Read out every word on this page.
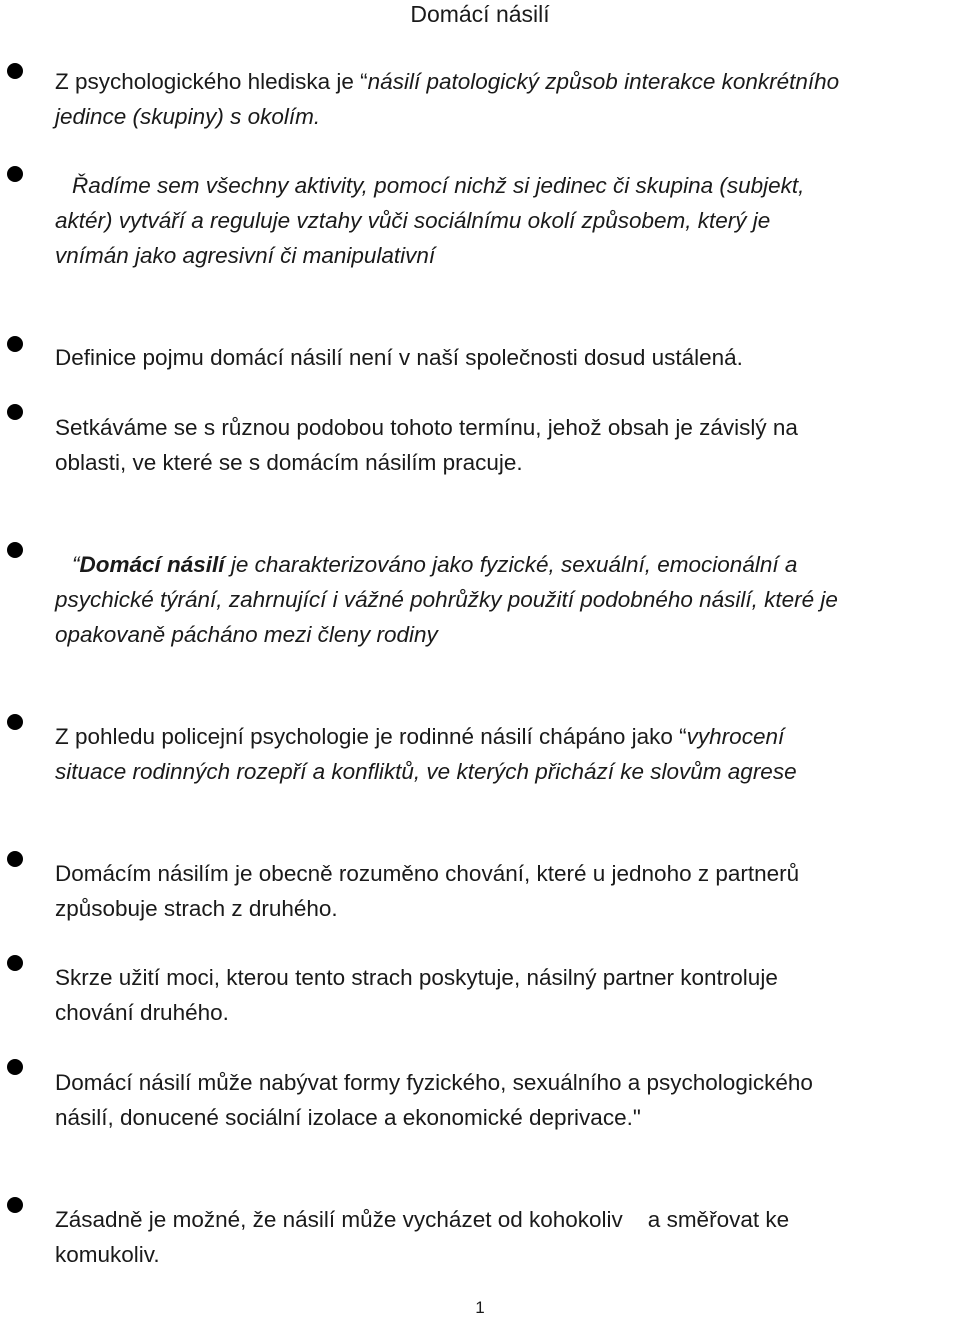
Domácí násilí
Z psychologického hlediska je “násilí patologický způsob interakce konkrétního
jedince (skupiny) s okolím.
Řadíme sem všechny aktivity, pomocí nichž si jedinec či skupina (subjekt,
aktér) vytváří a reguluje vztahy vůči sociálnímu okolí způsobem, který je
vnímán jako agresivní či manipulativní
Definice pojmu domácí násilí není v naší společnosti dosud ustálená.
Setkáváme se s různou podobou tohoto termínu, jehož obsah je závislý na
oblasti, ve které se s domácím násilím pracuje.
“Domácí násilí je charakterizováno jako fyzické, sexuální, emocionální a
psychické týrání, zahrnující i vážné pohrůžky použití podobného násilí, které je
opakovaně pácháno mezi členy rodiny
Z pohledu policejní psychologie je rodinné násilí chápáno jako “vyhrocení
situace rodinných rozepří a konfliktů, ve kterých přichází ke slovům agrese
Domácím násilím je obecně rozuměno chování, které u jednoho z partnerů
způsobuje strach z druhého.
Skrze užití moci, kterou tento strach poskytuje, násilný partner kontroluje
chování druhého.
Domácí násilí může nabývat formy fyzického, sexuálního a psychologického
násilí, donucené sociální izolace a ekonomické deprivace."
Zásadně je možné, že násilí může vycházet od kohokoliv    a směřovat ke
komukoliv.
1
